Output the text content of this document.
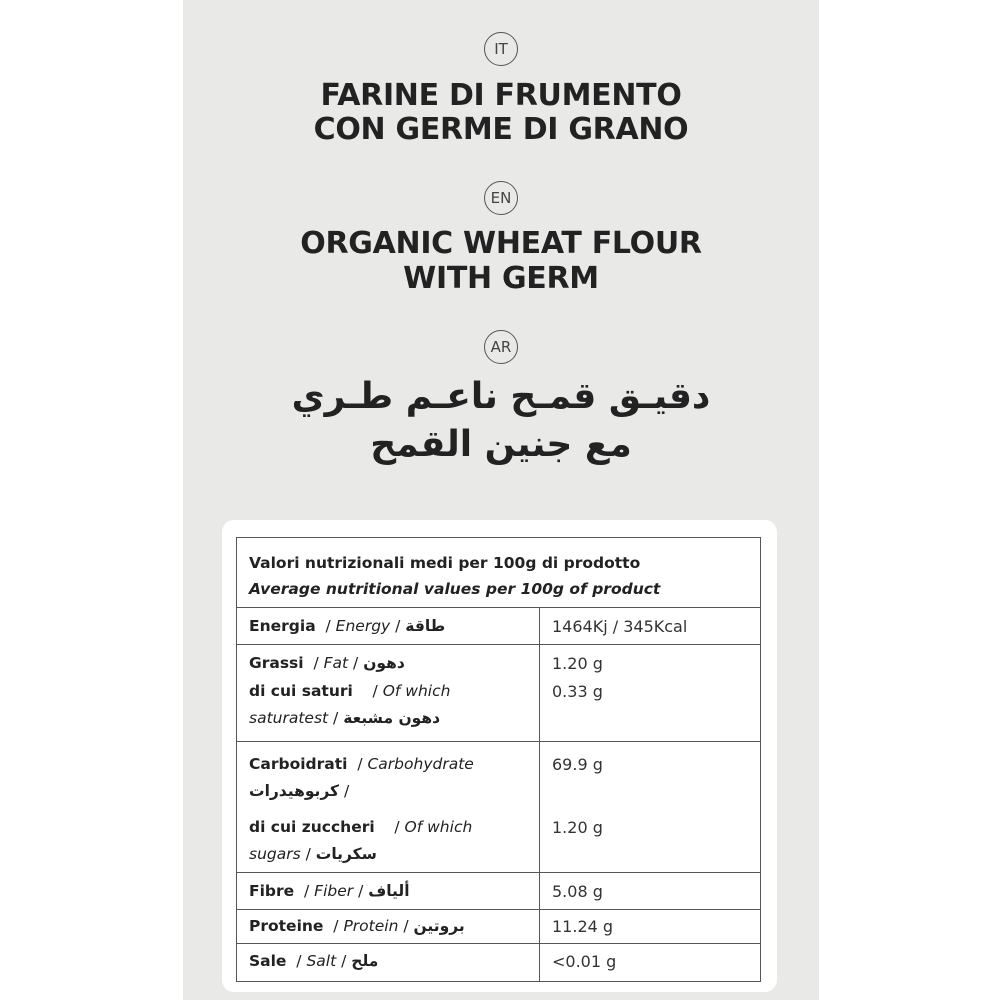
IT
FARINE DI FRUMENTO
CON GERME DI GRANO
EN
ORGANIC WHEAT FLOUR
WITH GERM
AR
دقيـق قمـح ناعـم طـري
مع جنين القمح
Valori nutrizionali medi per 100g di prodotto
Average nutritional values per 100g of product
Energia  / Energy / طاقة	1464Kj / 345Kcal
Grassi  / Fat / دهون	1.20 g
di cui saturi    / Of which	0.33 g
saturatest / دهون مشبعة
Carboidrati  / Carbohydrate	69.9 g
كربوهيدرات /
di cui zuccheri    / Of which	1.20 g
sugars / سكريات
Fibre  / Fiber / ألياف	5.08 g
Proteine  / Protein / بروتين	11.24 g
Sale  / Salt / ملح	<0.01 g
